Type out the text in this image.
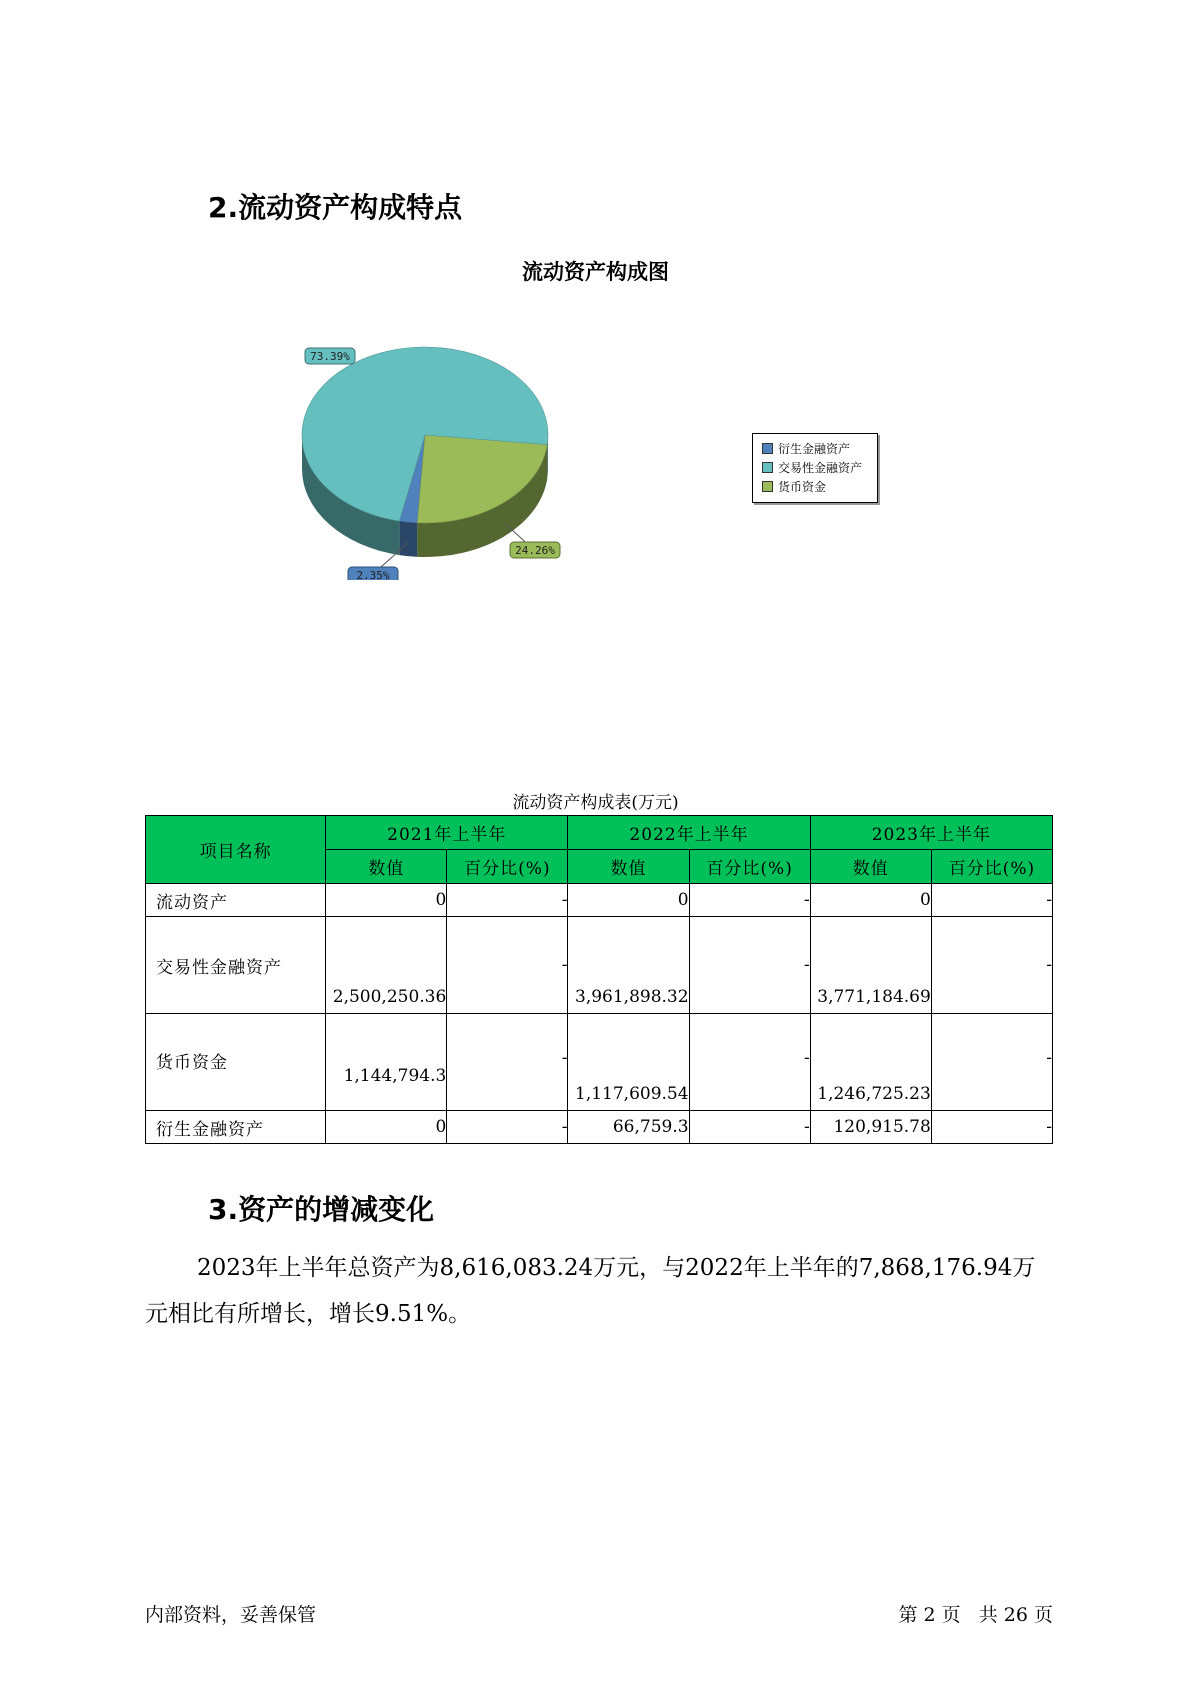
2.流动资产构成特点
流动资产构成图
2.35%
24.26%
73.39%
衍生金融资产
交易性金融资产
货币资金
流动资产构成表(万元)
项目名称	2021年上半年		2022年上半年		2023年上半年	
	数值	百分比(%)	数值	百分比(%)	数值	百分比(%)
流动资产	0	-	0	-	0	-
交易性金融资产	2,500,250.36	-	3,961,898.32	-	3,771,184.69	-
货币资金	1,144,794.3	-	1,117,609.54	-	1,246,725.23	-
衍生金融资产	0	-	66,759.3	-	120,915.78	-
3.资产的增减变化
2023年上半年总资产为8,616,083.24万元，与2022年上半年的7,868,176.94万元相比有所增长，增长9.51%。
内部资料，妥善保管	第 2 页   共 26 页
